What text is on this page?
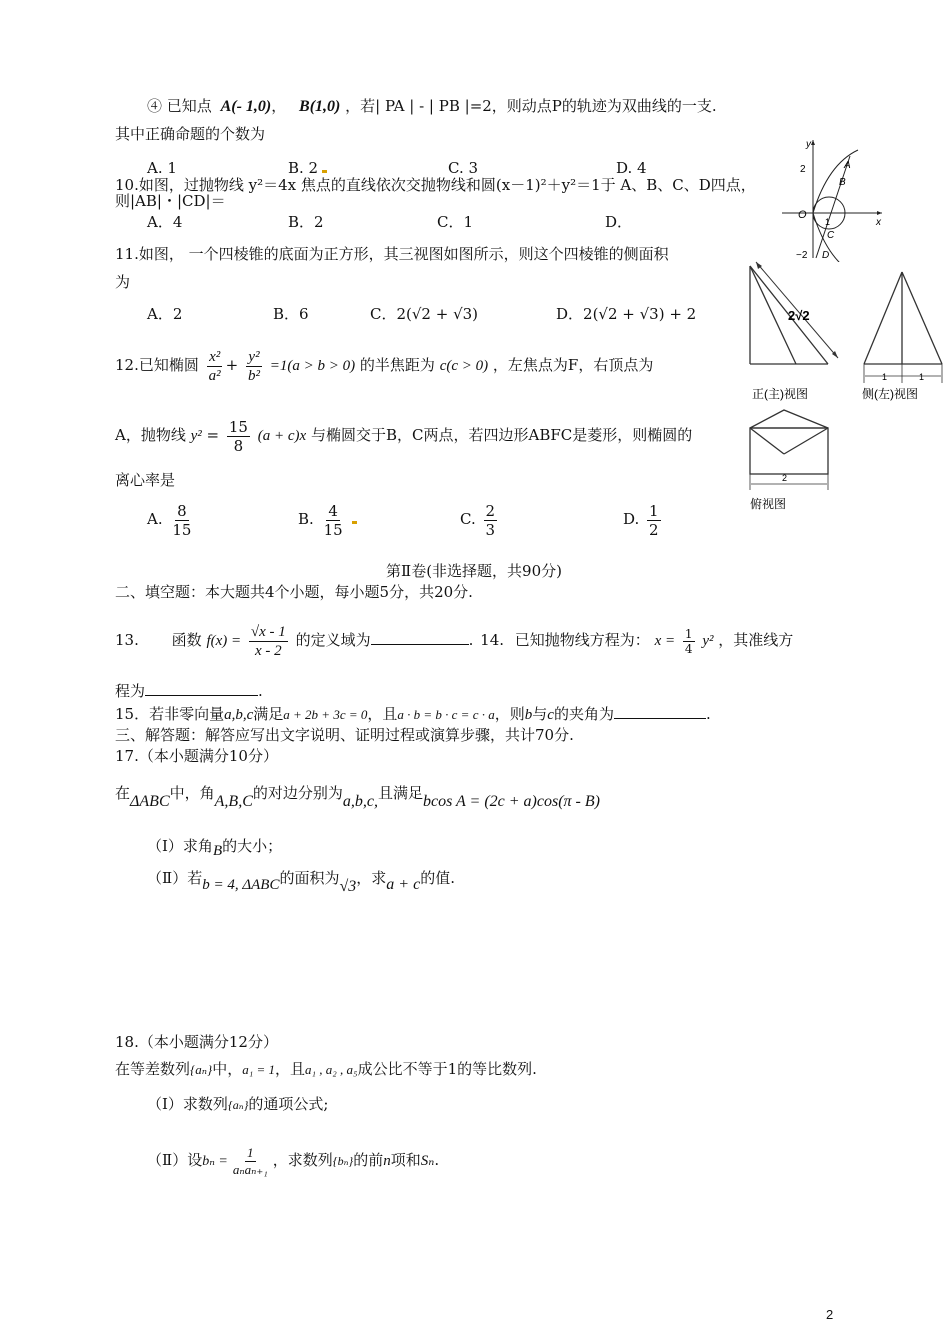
④ 已知点 A(- 1,0)， B(1,0) ，若| PA | - | PB |=2，则动点P的轨迹为双曲线的一支.
其中正确命题的个数为
A. 1	B. 2	C. 3	D. 4
10.如图，过抛物线 y²＝4x 焦点的直线依次交抛物线和圆(x－1)²＋y²＝1于 A、B、C、D四点，
则|AB|・|CD|＝
A．4	B．2	C．1	D．
y
x
O
2
1
−2
A
B
C
D
11.如图， 一个四棱锥的底面为正方形，其三视图如图所示，则这个四棱锥的侧面积
为
A．2	B．6	C．2(√2 + √3)	D．2(√2 + √3) + 2	2√2
正(主)视图
1	1
侧(左)视图
2
俯视图
12.已知椭圆 $\frac{\text{x²}}{\text{a²}} + \frac{\text{y²}}{\text{b²}} =1(a > b > 0)$ 的半焦距为 c(c > 0) ，左焦点为F，右顶点为
A，抛物线 $y^2 = \frac{15}{8} (a + c)x$ 与椭圆交于B，C两点，若四边形ABFC是菱形，则椭圆的
离心率是
A. $\frac{8}{15}$	B. $\frac{4}{15}$	C. $\frac{2}{3}$	D. $\frac{1}{2}$
第Ⅱ卷(非选择题，共90分)
二、填空题：本大题共4个小题，每小题5分，共20分.
13. 函数 $f(x) = \frac{√x - 1}{x - 2}$ 的定义域为	. 14. 已知抛物线方程为： $x = \frac{1}{4} y^2$ ，其准线方
程为	.
15．若非零向量a,b,c满足a + 2b + 3c = 0，且a · b = b · c = c · a，则b与c的夹角为	.
三、解答题：解答应写出文字说明、证明过程或演算步骤，共计70分.
17.（本小题满分10分）
在ΔABC中，角A,B,C的对边分别为a,b,c,且满足bcos A = (2c + a)cos(π - B)
（Ⅰ）求角B的大小；
（Ⅱ）若b = 4, ΔABC的面积为√3，求a + c的值.
18.（本小题满分12分）
在等差数列{aₙ}中，a₁ = 1，且a₁ , a₂ , a₅成公比不等于1的等比数列.
（Ⅰ）求数列{aₙ}的通项公式;
（Ⅱ）设$b_n = \frac{1}{\text{aₙaₙ₊₁}}$ ，求数列{bₙ}的前n项和Sₙ.
2
